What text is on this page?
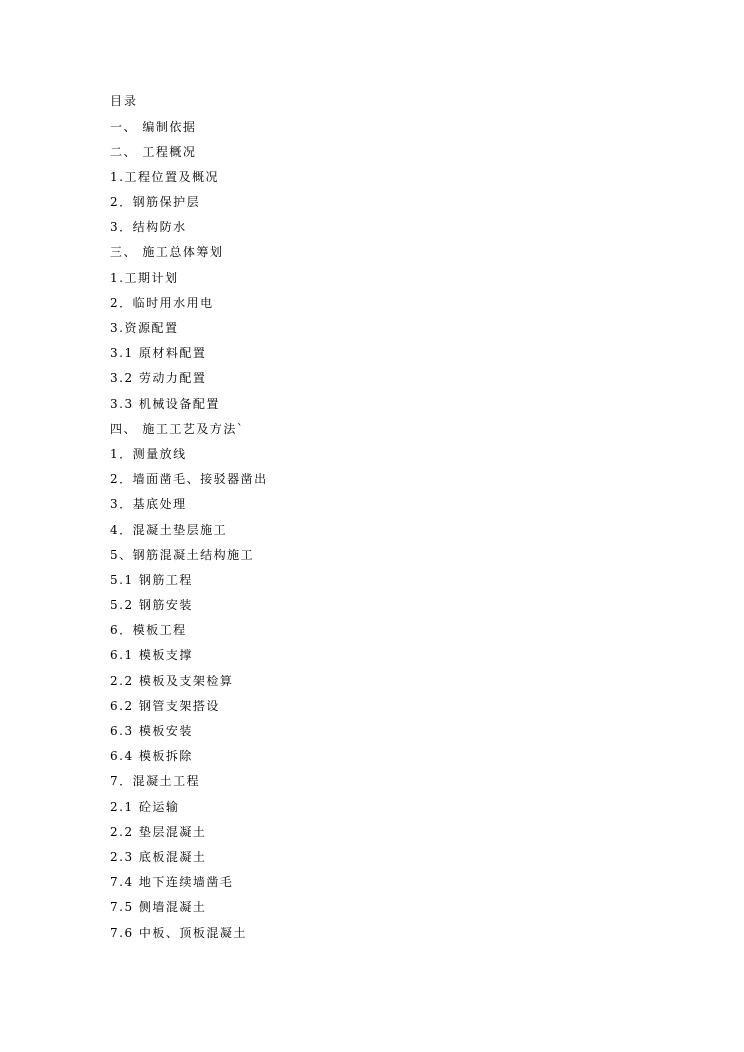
目录
一、 编制依据
二、 工程概况
1.工程位置及概况
2．钢筋保护层
3．结构防水
三、 施工总体筹划
1.工期计划
2．临时用水用电
3.资源配置
3.1 原材料配置
3.2 劳动力配置
3.3 机械设备配置
四、 施工工艺及方法`
1．测量放线
2．墙面凿毛、接驳器凿出
3．基底处理
4．混凝土垫层施工
5、钢筋混凝土结构施工
5.1 钢筋工程
5.2 钢筋安装
6．模板工程
6.1 模板支撑
2.2 模板及支架检算
6.2 钢管支架搭设
6.3 模板安装
6.4 模板拆除
7．混凝土工程
2.1 砼运输
2.2 垫层混凝土
2.3 底板混凝土
7.4 地下连续墙凿毛
7.5 侧墙混凝土
7.6 中板、顶板混凝土
